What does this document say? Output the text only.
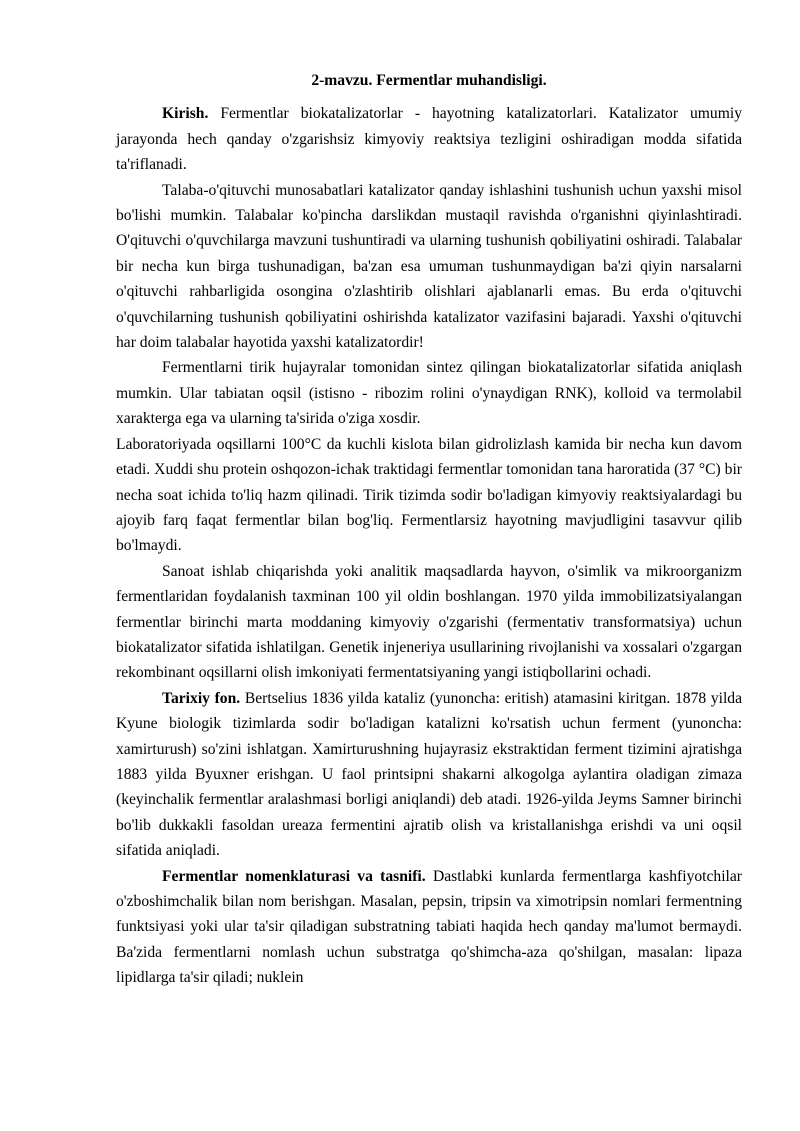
2-mavzu. Fermentlar muhandisligi.

Kirish. Fermentlar biokatalizatorlar - hayotning katalizatorlari. Katalizator umumiy jarayonda hech qanday o'zgarishsiz kimyoviy reaktsiya tezligini oshiradigan modda sifatida ta'riflanadi.

Talaba-o'qituvchi munosabatlari katalizator qanday ishlashini tushunish uchun yaxshi misol bo'lishi mumkin. Talabalar ko'pincha darslikdan mustaqil ravishda o'rganishni qiyinlashtiradi. O'qituvchi o'quvchilarga mavzuni tushuntiradi va ularning tushunish qobiliyatini oshiradi. Talabalar bir necha kun birga tushunadigan, ba'zan esa umuman tushunmaydigan ba'zi qiyin narsalarni o'qituvchi rahbarligida osongina o'zlashtirib olishlari ajablanarli emas. Bu erda o'qituvchi o'quvchilarning tushunish qobiliyatini oshirishda katalizator vazifasini bajaradi. Yaxshi o'qituvchi har doim talabalar hayotida yaxshi katalizatordir!

Fermentlarni tirik hujayralar tomonidan sintez qilingan biokatalizatorlar sifatida aniqlash mumkin. Ular tabiatan oqsil (istisno - ribozim rolini o'ynaydigan RNK), kolloid va termolabil xarakterga ega va ularning ta'sirida o'ziga xosdir.

Laboratoriyada oqsillarni 100°C da kuchli kislota bilan gidrolizlash kamida bir necha kun davom etadi. Xuddi shu protein oshqozon-ichak traktidagi fermentlar tomonidan tana haroratida (37 °C) bir necha soat ichida to'liq hazm qilinadi. Tirik tizimda sodir bo'ladigan kimyoviy reaktsiyalardagi bu ajoyib farq faqat fermentlar bilan bog'liq. Fermentlarsiz hayotning mavjudligini tasavvur qilib bo'lmaydi.

Sanoat ishlab chiqarishda yoki analitik maqsadlarda hayvon, o'simlik va mikroorganizm fermentlaridan foydalanish taxminan 100 yil oldin boshlangan. 1970 yilda immobilizatsiyalangan fermentlar birinchi marta moddaning kimyoviy o'zgarishi (fermentativ transformatsiya) uchun biokatalizator sifatida ishlatilgan. Genetik injeneriya usullarining rivojlanishi va xossalari o'zgargan rekombinant oqsillarni olish imkoniyati fermentatsiyaning yangi istiqbollarini ochadi.

Tarixiy fon. Bertselius 1836 yilda kataliz (yunoncha: eritish) atamasini kiritgan. 1878 yilda Kyune biologik tizimlarda sodir bo'ladigan katalizni ko'rsatish uchun ferment (yunoncha: xamirturush) so'zini ishlatgan. Xamirturushning hujayrasiz ekstraktidan ferment tizimini ajratishga 1883 yilda Byuxner erishgan. U faol printsipni shakarni alkogolga aylantira oladigan zimaza (keyinchalik fermentlar aralashmasi borligi aniqlandi) deb atadi. 1926-yilda Jeyms Samner birinchi bo'lib dukkakli fasoldan ureaza fermentini ajratib olish va kristallanishga erishdi va uni oqsil sifatida aniqladi.

Fermentlar nomenklaturasi va tasnifi. Dastlabki kunlarda fermentlarga kashfiyotchilar o'zboshimchalik bilan nom berishgan. Masalan, pepsin, tripsin va ximotripsin nomlari fermentning funktsiyasi yoki ular ta'sir qiladigan substratning tabiati haqida hech qanday ma'lumot bermaydi. Ba'zida fermentlarni nomlash uchun substratga qo'shimcha-aza qo'shilgan, masalan: lipaza lipidlarga ta'sir qiladi; nuklein
